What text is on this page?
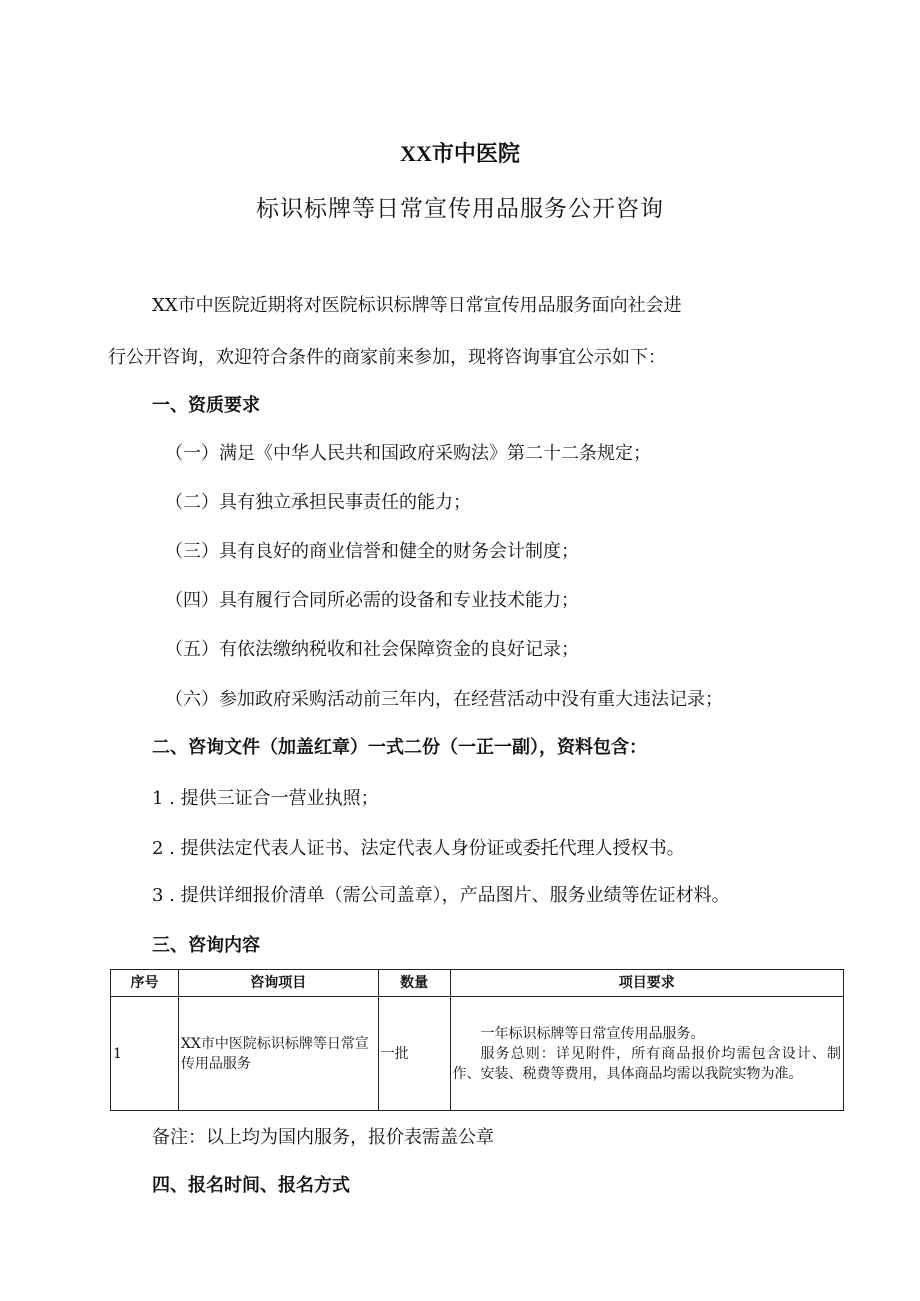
XX市中医院
标识标牌等日常宣传用品服务公开咨询
XX市中医院近期将对医院标识标牌等日常宣传用品服务面向社会进
行公开咨询，欢迎符合条件的商家前来参加，现将咨询事宜公示如下：
一、资质要求
（一）满足《中华人民共和国政府采购法》第二十二条规定；
（二）具有独立承担民事责任的能力；
（三）具有良好的商业信誉和健全的财务会计制度；
（四）具有履行合同所必需的设备和专业技术能力；
（五）有依法缴纳税收和社会保障资金的良好记录；
（六）参加政府采购活动前三年内，在经营活动中没有重大违法记录；
二、咨询文件（加盖红章）一式二份（一正一副），资料包含：
1 . 提供三证合一营业执照；
2 . 提供法定代表人证书、法定代表人身份证或委托代理人授权书。
3 . 提供详细报价清单（需公司盖章），产品图片、服务业绩等佐证材料。
三、咨询内容
序号	咨询项目	数量	项目要求
1	XX市中医院标识标牌等日常宣传用品服务	一批	一年标识标牌等日常宣传用品服务。

服务总则：详见附件，所有商品报价均需包含设计、制作、安装、税费等费用，具体商品均需以我院实物为准。

备注：以上均为国内服务，报价表需盖公章
四、报名时间、报名方式
